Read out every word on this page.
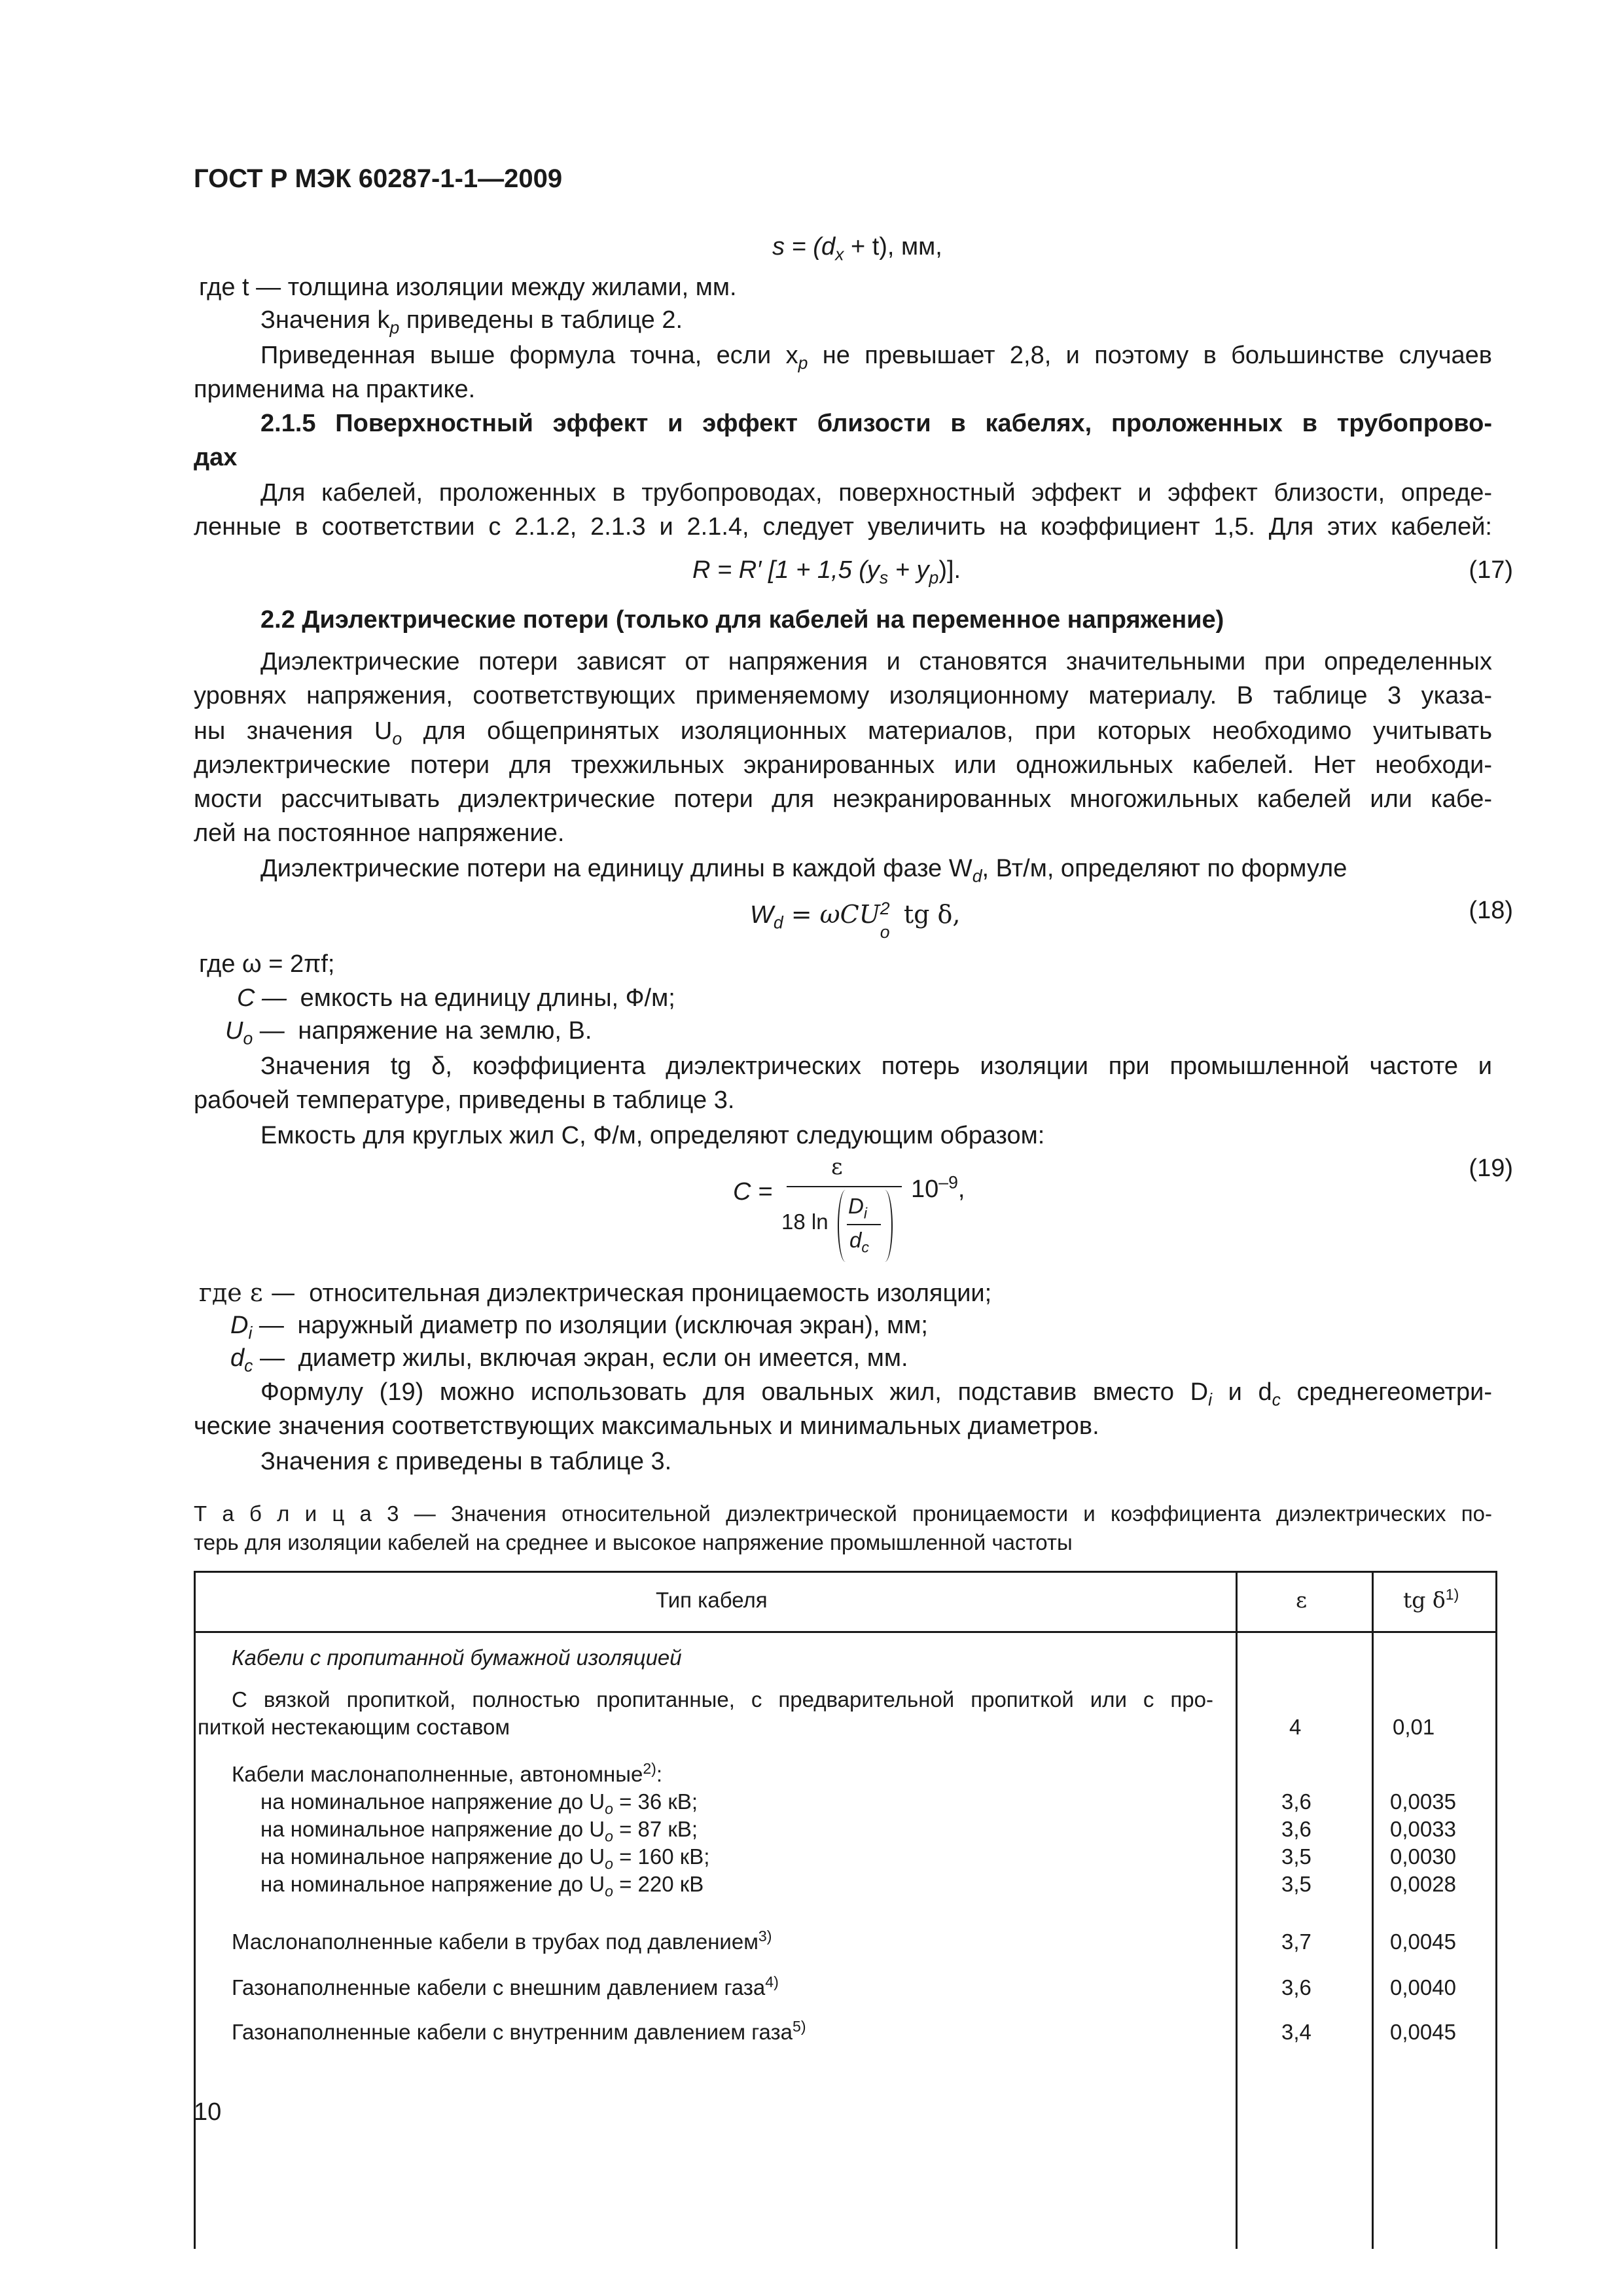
ГОСТ Р МЭК 60287-1-1—2009
$s = (d_x + t)$, мм,
где t — толщина изоляции между жилами, мм.
Значения $k_p$ приведены в таблице 2.
Приведенная выше формула точна, если $x_p$ не превышает 2,8, и поэтому в большинстве случаев
применима на практике.
2.1.5 Поверхностный эффект и эффект близости в кабелях, проложенных в трубопрово-
дах
Для кабелей, проложенных в трубопроводах, поверхностный эффект и эффект близости, опреде-
ленные в соответствии с 2.1.2, 2.1.3 и 2.1.4, следует увеличить на коэффициент 1,5. Для этих кабелей:
R = R′ [1 + 1,5 $(y_s + y_p)$].	(17)
2.2 Диэлектрические потери (только для кабелей на переменное напряжение)
Диэлектрические потери зависят от напряжения и становятся значительными при определенных
уровнях напряжения, соответствующих применяемому изоляционному материалу. В таблице 3 указа-
ны значения $U_о$ для общепринятых изоляционных материалов, при которых необходимо учитывать
диэлектрические потери для трехжильных экранированных или одножильных кабелей. Нет необходи-
мости рассчитывать диэлектрические потери для неэкранированных многожильных кабелей или кабе-
лей на постоянное напряжение.
Диэлектрические потери на единицу длины в каждой фазе $W_d$, Вт/м, определяют по формуле
$W_d = \omega CU$ 2
o
tg δ,	(18)
где ω = 2πf;
C — емкость на единицу длины, Ф/м;
$U_o$ — напряжение на землю, В.
Значения tg δ, коэффициента диэлектрических потерь изоляции при промышленной частоте и
рабочей температуре, приведены в таблице 3.
Емкость для круглых жил C, Ф/м, определяют следующим образом:
C =
ε
18 ln
$D_i$
$d_c$
$10^{-9}$,
(19)
где ε — относительная диэлектрическая проницаемость изоляции;
$D_i$ — наружный диаметр по изоляции (исключая экран), мм;
$d_c$ — диаметр жилы, включая экран, если он имеется, мм.
Формулу (19) можно использовать для овальных жил, подставив вместо $D_i$ и $d_c$ среднегеометри-
ческие значения соответствующих максимальных и минимальных диаметров.
Значения ε приведены в таблице 3.
Т а б л и ц а 3 — Значения относительной диэлектрической проницаемости и коэффициента диэлектрических по-
терь для изоляции кабелей на среднее и высокое напряжение промышленной частоты
Тип кабеля	ε	tg $\delta^{1)}$
Кабели с пропитанной бумажной изоляцией
С вязкой пропиткой, полностью пропитанные, с предварительной пропиткой или с про-
питкой нестекающим составом	4	0,01
Кабели маслонаполненные, автономные$^{2)}$:
на номинальное напряжение до $U_o = 36$ кВ;	3,6	0,0035
на номинальное напряжение до $U_o = 87$ кВ;	3,6	0,0033
на номинальное напряжение до $U_o = 160$ кВ;	3,5	0,0030
на номинальное напряжение до $U_o = 220$ кВ	3,5	0,0028
Маслонаполненные кабели в трубах под давлением$^{3)}$	3,7	0,0045
Газонаполненные кабели с внешним давлением газа$^{4)}$	3,6	0,0040
Газонаполненные кабели с внутренним давлением газа$^{5)}$	3,4	0,0045
10
